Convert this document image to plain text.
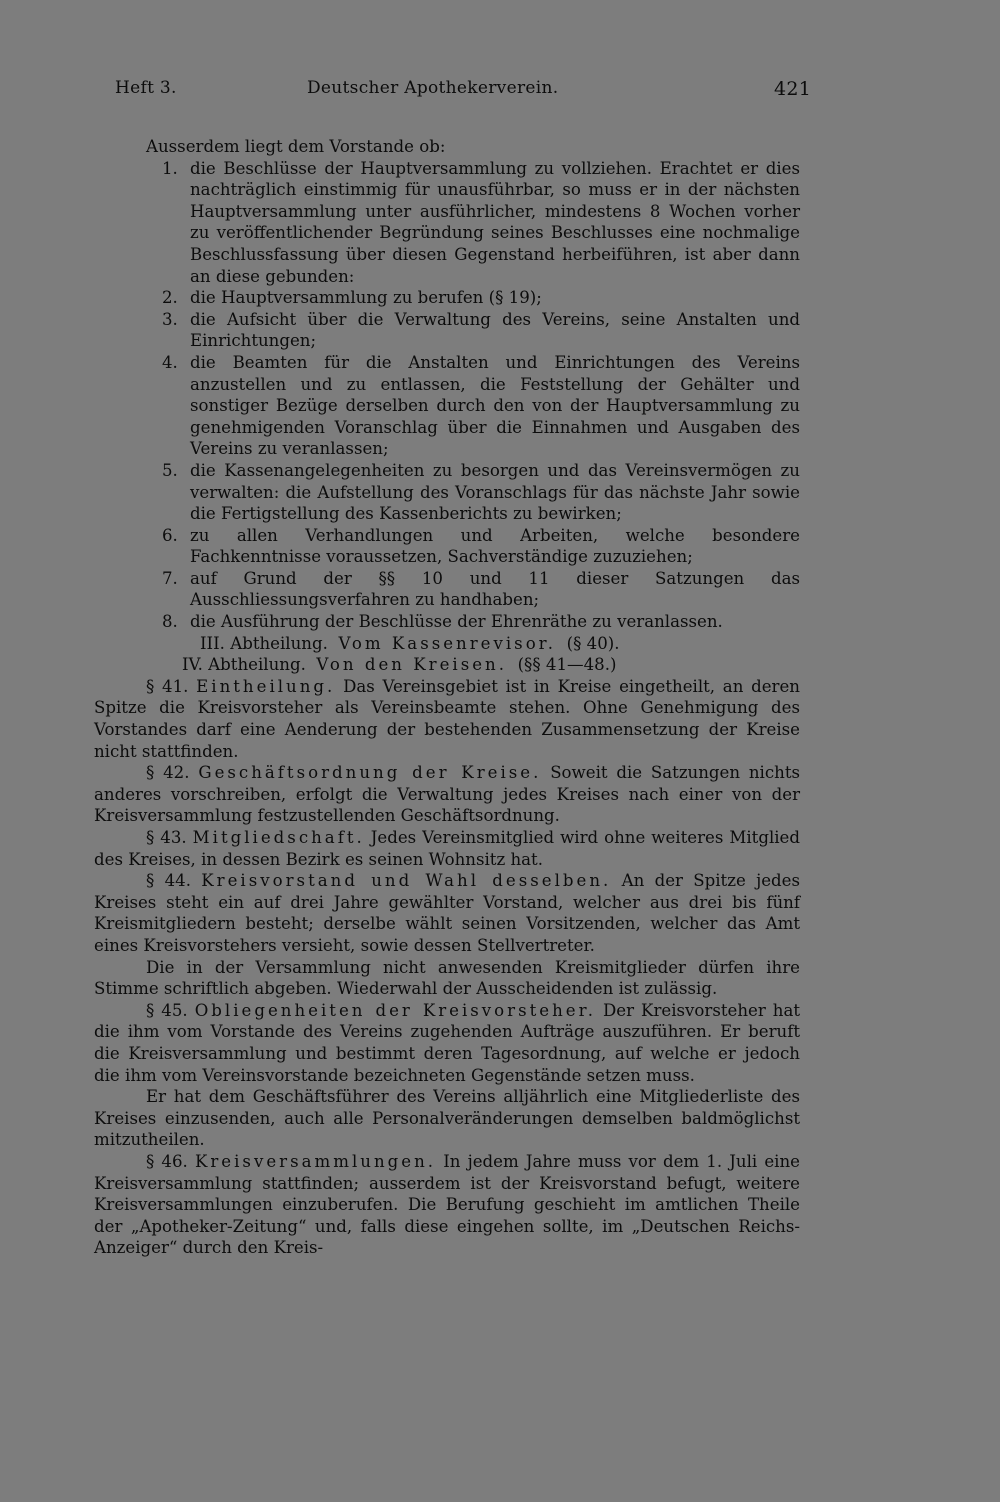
Heft 3.	Deutscher Apothekerverein.	421

Ausserdem liegt dem Vorstande ob:

1. die Beschlüsse der Hauptversammlung zu vollziehen. Erachtet er dies nachträglich einstimmig für unausführbar, so muss er in der nächsten Hauptversammlung unter ausführlicher, mindestens 8 Wochen vorher zu veröffentlichender Begründung seines Beschlusses eine nochmalige Beschlussfassung über diesen Gegenstand herbeiführen, ist aber dann an diese gebunden:
2. die Hauptversammlung zu berufen (§ 19);
3. die Aufsicht über die Verwaltung des Vereins, seine Anstalten und Einrichtungen;
4. die Beamten für die Anstalten und Einrichtungen des Vereins anzustellen und zu entlassen, die Feststellung der Gehälter und sonstiger Bezüge derselben durch den von der Hauptversammlung zu genehmigenden Voranschlag über die Einnahmen und Ausgaben des Vereins zu veranlassen;
5. die Kassenangelegenheiten zu besorgen und das Vereinsvermögen zu verwalten: die Aufstellung des Voranschlags für das nächste Jahr sowie die Fertigstellung des Kassenberichts zu bewirken;
6. zu allen Verhandlungen und Arbeiten, welche besondere Fachkenntnisse voraussetzen, Sachverständige zuzuziehen;
7. auf Grund der §§ 10 und 11 dieser Satzungen das Ausschliessungsverfahren zu handhaben;
8. die Ausführung der Beschlüsse der Ehrenräthe zu veranlassen.

III. Abtheilung. Vom Kassenrevisor. (§ 40).

IV. Abtheilung. Von den Kreisen. (§§ 41—48.)

§ 41. Eintheilung. Das Vereinsgebiet ist in Kreise eingetheilt, an deren Spitze die Kreisvorsteher als Vereinsbeamte stehen. Ohne Genehmigung des Vorstandes darf eine Aenderung der bestehenden Zusammensetzung der Kreise nicht stattfinden.

§ 42. Geschäftsordnung der Kreise. Soweit die Satzungen nichts anderes vorschreiben, erfolgt die Verwaltung jedes Kreises nach einer von der Kreisversammlung festzustellenden Geschäftsordnung.

§ 43. Mitgliedschaft. Jedes Vereinsmitglied wird ohne weiteres Mitglied des Kreises, in dessen Bezirk es seinen Wohnsitz hat.

§ 44. Kreisvorstand und Wahl desselben. An der Spitze jedes Kreises steht ein auf drei Jahre gewählter Vorstand, welcher aus drei bis fünf Kreismitgliedern besteht; derselbe wählt seinen Vorsitzenden, welcher das Amt eines Kreisvorstehers versieht, sowie dessen Stellvertreter.

Die in der Versammlung nicht anwesenden Kreismitglieder dürfen ihre Stimme schriftlich abgeben. Wiederwahl der Ausscheidenden ist zulässig.

§ 45. Obliegenheiten der Kreisvorsteher. Der Kreisvorsteher hat die ihm vom Vorstande des Vereins zugehenden Aufträge auszuführen. Er beruft die Kreisversammlung und bestimmt deren Tagesordnung, auf welche er jedoch die ihm vom Vereinsvorstande bezeichneten Gegenstände setzen muss.

Er hat dem Geschäftsführer des Vereins alljährlich eine Mitgliederliste des Kreises einzusenden, auch alle Personalveränderungen demselben baldmöglichst mitzutheilen.

§ 46. Kreisversammlungen. In jedem Jahre muss vor dem 1. Juli eine Kreisversammlung stattfinden; ausserdem ist der Kreisvorstand befugt, weitere Kreisversammlungen einzuberufen. Die Berufung geschieht im amtlichen Theile der „Apotheker-Zeitung“ und, falls diese eingehen sollte, im „Deutschen Reichs-Anzeiger“ durch den Kreis-
